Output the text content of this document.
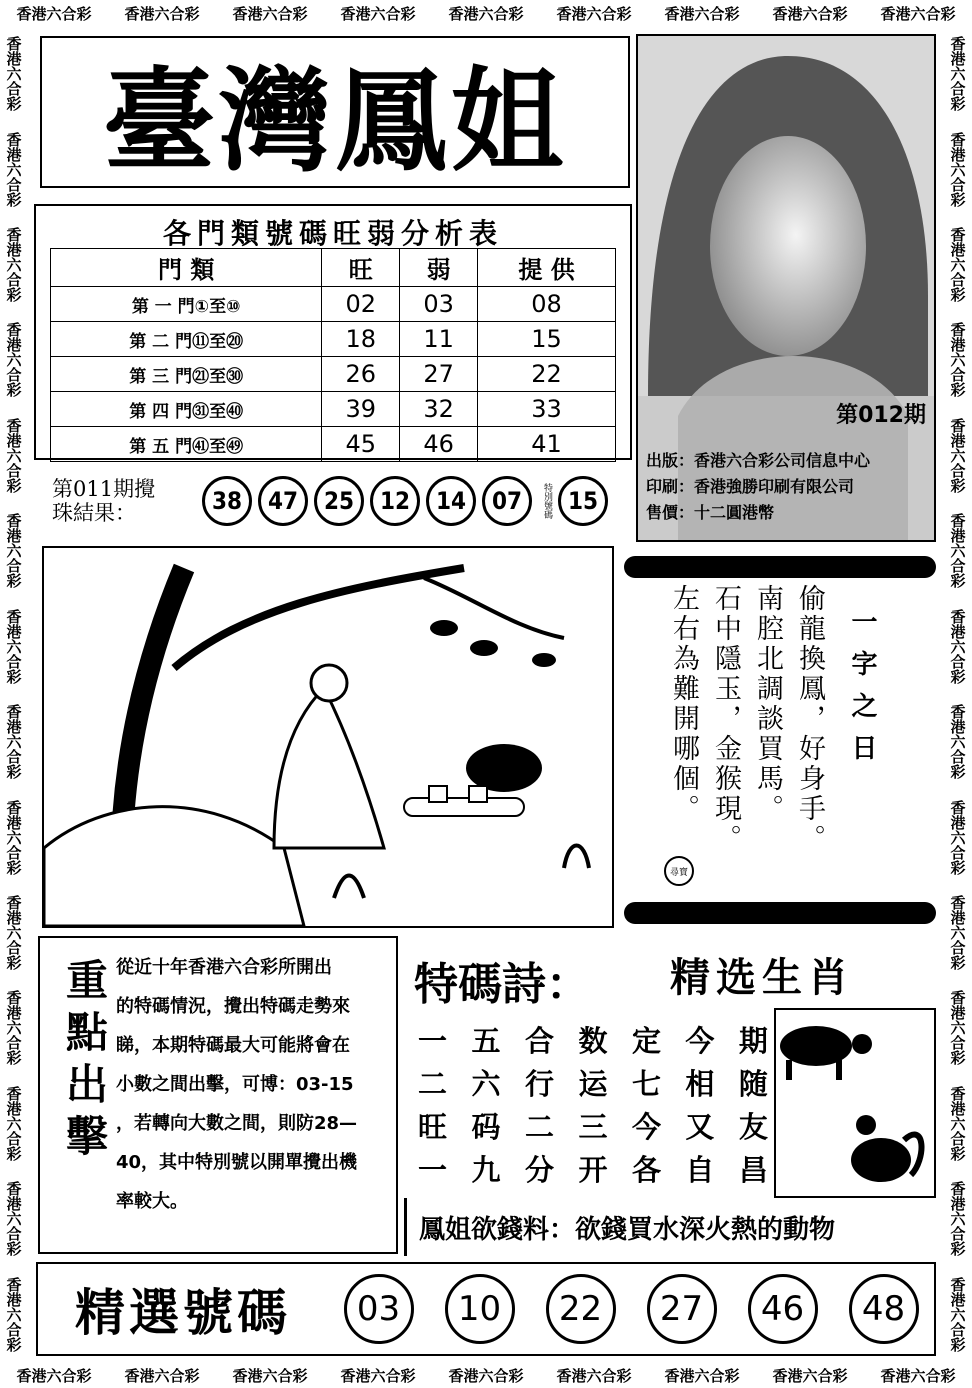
香港六合彩 香港六合彩 香港六合彩 香港六合彩 香港六合彩 香港六合彩 香港六合彩 香港六合彩 香港六合彩
香港六合彩 香港六合彩 香港六合彩 香港六合彩 香港六合彩 香港六合彩 香港六合彩 香港六合彩 香港六合彩
香港六合彩
香港六合彩
香港六合彩
香港六合彩
香港六合彩
香港六合彩
香港六合彩
香港六合彩
香港六合彩
香港六合彩
香港六合彩
香港六合彩
香港六合彩
香港六合彩
香港六合彩
香港六合彩
香港六合彩
香港六合彩
香港六合彩
香港六合彩
香港六合彩
香港六合彩
香港六合彩
香港六合彩
香港六合彩
香港六合彩
香港六合彩
香港六合彩
臺灣鳳姐
第012期
出版：香港六合彩公司信息中心
印刷：香港強勝印刷有限公司
售價：十二圓港幣
各門類號碼旺弱分析表
門 類	旺	弱	提 供
第 一 門①至⑩	02	03	08
第 二 門⑪至⑳	18	11	15
第 三 門㉑至㉚	26	27	22
第 四 門㉛至㊵	39	32	33
第 五 門㊶至㊾	45	46	41
第011期攪
珠結果：	38	47	25	12	14	07	特別號碼 15
一字之日
偷龍換鳳，好身手。
南腔北調談買馬。
石中隱玉，金猴現。
左右為難開哪個。
尋寶
重點出擊 從近十年香港六合彩所開出
的特碼情況，攪出特碼走勢來
睇，本期特碼最大可能將會在
小數之間出擊，可博：03-15
，若轉向大數之間，則防28—
40，其中特別號以開單攪出機
率較大。
特碼詩： 精选生肖
一 五 合 数 定 今 期
二 六 行 运 七 相 随
旺 码 二 三 今 又 友
一 九 分 开 各 自 昌
鳳姐欲錢料： 欲錢買水深火熱的動物
精選號碼	03	10	22	27	46	48
